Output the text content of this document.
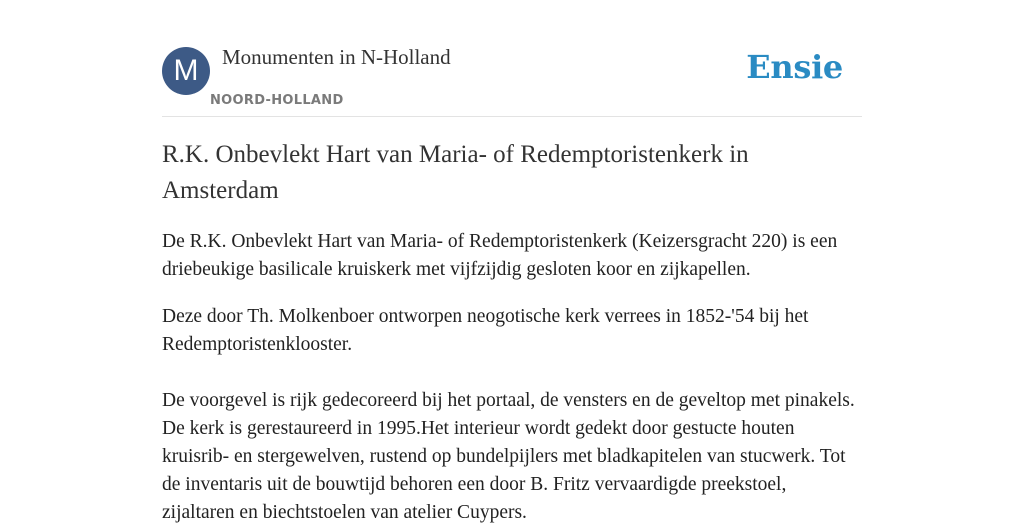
M	Monumenten in N-Holland
NOORD-HOLLAND
Ensie
R.K. Onbevlekt Hart van Maria- of Redemptoristenkerk in Amsterdam

De R.K. Onbevlekt Hart van Maria- of Redemptoristenkerk (Keizersgracht 220) is een driebeukige basilicale kruiskerk met vijfzijdig gesloten koor en zijkapellen.

Deze door Th. Molkenboer ontworpen neogotische kerk verrees in 1852-'54 bij het Redemptoristenklooster.

De voorgevel is rijk gedecoreerd bij het portaal, de vensters en de geveltop met pinakels. De kerk is gerestaureerd in 1995.Het interieur wordt gedekt door gestucte houten kruisrib- en stergewelven, rustend op bundelpijlers met bladkapitelen van stucwerk. Tot de inventaris uit de bouwtijd behoren een door B. Fritz vervaardigde preekstoel, zijaltaren en biechtstoelen van atelier Cuypers.
